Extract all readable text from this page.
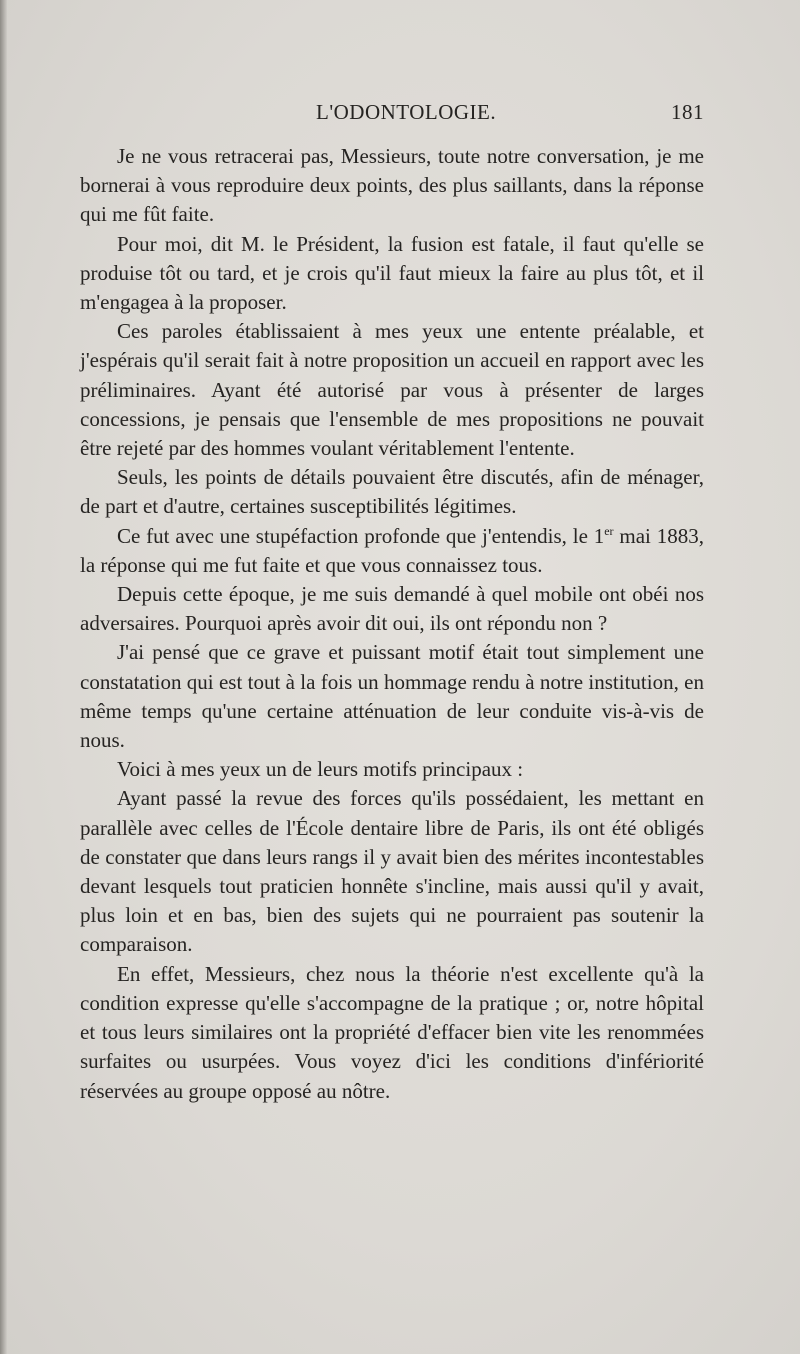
L'ODONTOLOGIE.	181

Je ne vous retracerai pas, Messieurs, toute notre conversation, je me bornerai à vous reproduire deux points, des plus saillants, dans la réponse qui me fût faite.

Pour moi, dit M. le Président, la fusion est fatale, il faut qu'elle se produise tôt ou tard, et je crois qu'il faut mieux la faire au plus tôt, et il m'engagea à la proposer.

Ces paroles établissaient à mes yeux une entente préalable, et j'espérais qu'il serait fait à notre proposition un accueil en rapport avec les préliminaires. Ayant été autorisé par vous à présenter de larges concessions, je pensais que l'ensemble de mes propositions ne pouvait être rejeté par des hommes voulant véritablement l'entente.

Seuls, les points de détails pouvaient être discutés, afin de ménager, de part et d'autre, certaines susceptibilités légitimes.

Ce fut avec une stupéfaction profonde que j'entendis, le 1er mai 1883, la réponse qui me fut faite et que vous connaissez tous.

Depuis cette époque, je me suis demandé à quel mobile ont obéi nos adversaires. Pourquoi après avoir dit oui, ils ont répondu non ?

J'ai pensé que ce grave et puissant motif était tout simplement une constatation qui est tout à la fois un hommage rendu à notre institution, en même temps qu'une certaine atténuation de leur conduite vis-à-vis de nous.

Voici à mes yeux un de leurs motifs principaux :

Ayant passé la revue des forces qu'ils possédaient, les mettant en parallèle avec celles de l'École dentaire libre de Paris, ils ont été obligés de constater que dans leurs rangs il y avait bien des mérites incontestables devant lesquels tout praticien honnête s'incline, mais aussi qu'il y avait, plus loin et en bas, bien des sujets qui ne pourraient pas soutenir la comparaison.

En effet, Messieurs, chez nous la théorie n'est excellente qu'à la condition expresse qu'elle s'accompagne de la pratique ; or, notre hôpital et tous leurs similaires ont la propriété d'effacer bien vite les renommées surfaites ou usurpées. Vous voyez d'ici les conditions d'infériorité réservées au groupe opposé au nôtre.
